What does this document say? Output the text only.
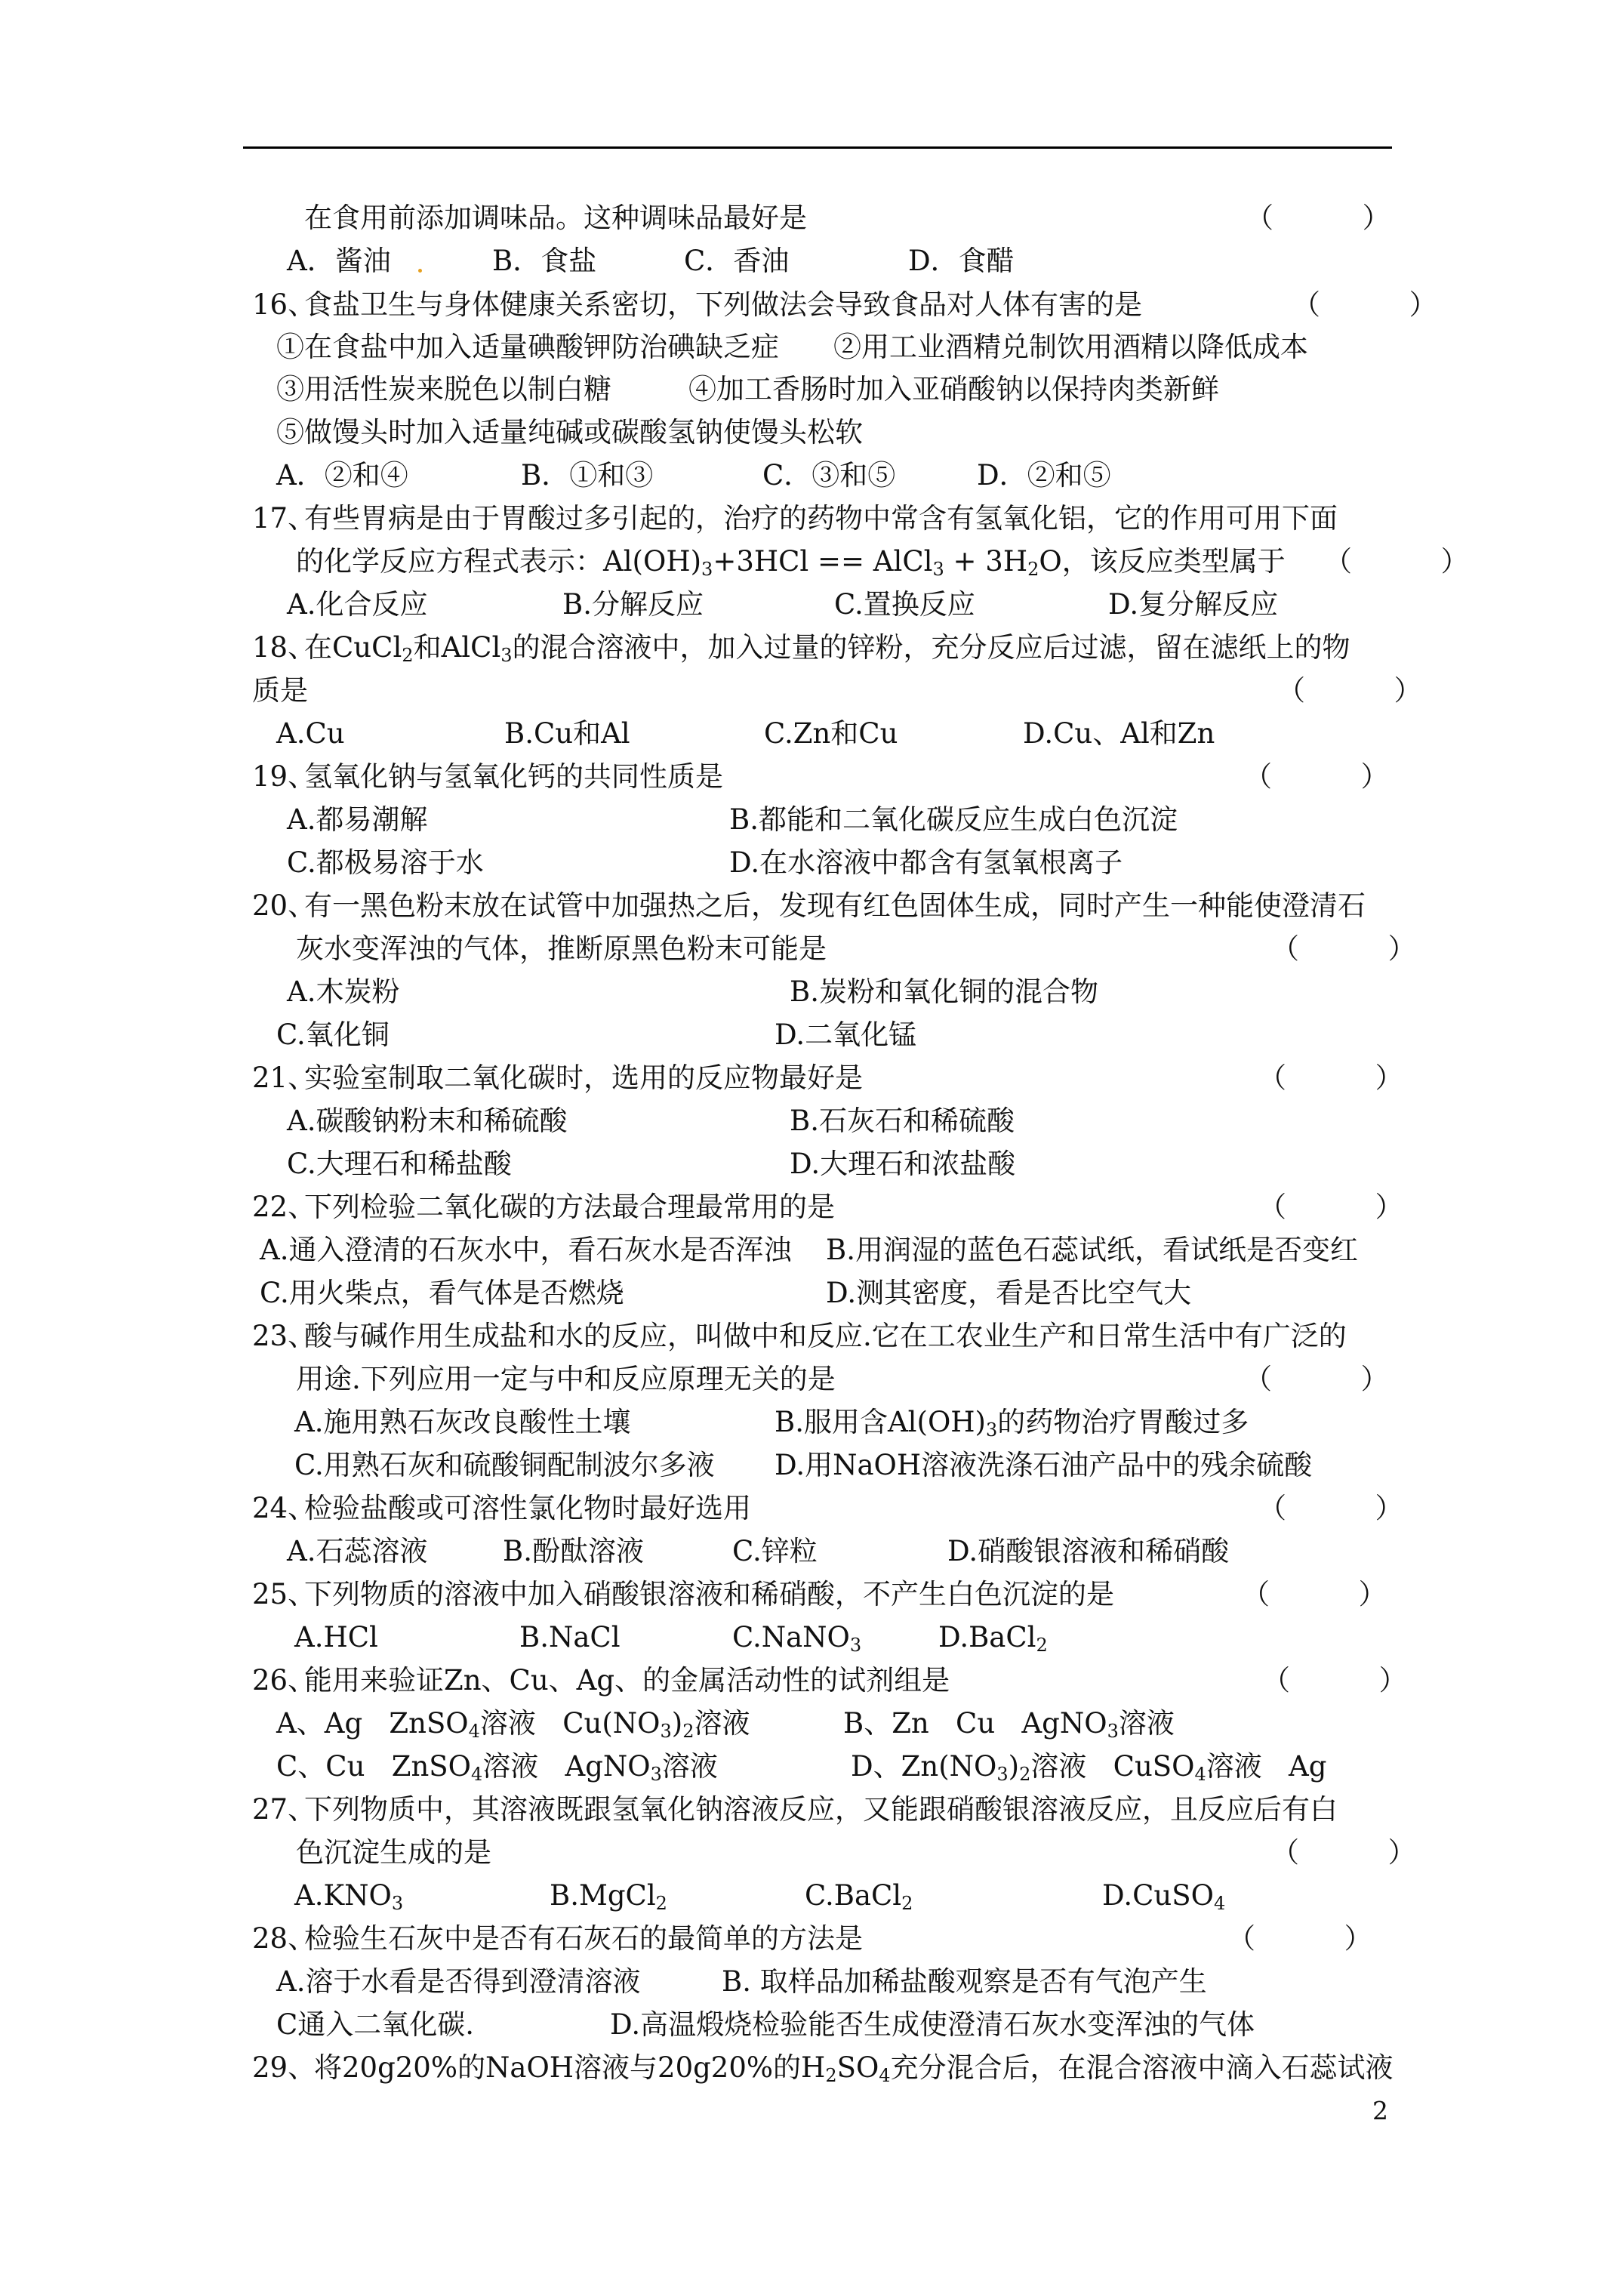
在食用前添加调味品。这种调味品最好是	（          ）
A．酱油	B．食盐	C．香油	D．食醋
16、
食盐卫生与身体健康关系密切，下列做法会导致食品对人体有害的是	（          ）
①在食盐中加入适量碘酸钾防治碘缺乏症 ②用工业酒精兑制饮用酒精以降低成本
③用活性炭来脱色以制白糖	④加工香肠时加入亚硝酸钠以保持肉类新鲜
⑤做馒头时加入适量纯碱或碳酸氢钠使馒头松软
A．②和④	B．①和③	C．③和⑤	D．②和⑤
17、
有些胃病是由于胃酸过多引起的，治疗的药物中常含有氢氧化铝，它的作用可用下面
的化学反应方程式表示：$Al(OH)_3+3HCl$ == AlCl$_3$ + $3H_2O$，该反应类型属于 （          ）
A.化合反应	B.分解反应	C.置换反应	D.复分解反应
18、
在CuCl$_2$和AlCl$_3$的混合溶液中，加入过量的锌粉，充分反应后过滤，留在滤纸上的物
质是	（          ）
A.Cu	B.Cu和Al	C.Zn和Cu	D.Cu、Al和Zn
19、
氢氧化钠与氢氧化钙的共同性质是	（          ）
A.都易潮解	B.都能和二氧化碳反应生成白色沉淀
C.都极易溶于水	D.在水溶液中都含有氢氧根离子
20、
有一黑色粉末放在试管中加强热之后，发现有红色固体生成，同时产生一种能使澄清石
灰水变浑浊的气体，推断原黑色粉末可能是	（          ）
A.木炭粉	B.炭粉和氧化铜的混合物
C.氧化铜	D.二氧化锰
21、
实验室制取二氧化碳时，选用的反应物最好是	（          ）
A.碳酸钠粉末和稀硫酸	B.石灰石和稀硫酸
C.大理石和稀盐酸	D.大理石和浓盐酸
22、
下列检验二氧化碳的方法最合理最常用的是	（          ）
A.通入澄清的石灰水中，看石灰水是否浑浊 B.用润湿的蓝色石蕊试纸，看试纸是否变红
C.用火柴点，看气体是否燃烧	D.测其密度，看是否比空气大
23、
酸与碱作用生成盐和水的反应，叫做中和反应.它在工农业生产和日常生活中有广泛的
用途.下列应用一定与中和反应原理无关的是	（          ）
A.施用熟石灰改良酸性土壤	B.服用含$Al(OH)_3$的药物治疗胃酸过多
C.用熟石灰和硫酸铜配制波尔多液 D.用NaOH溶液洗涤石油产品中的残余硫酸
24、
检验盐酸或可溶性氯化物时最好选用	（          ）
A.石蕊溶液	B.酚酞溶液	C.锌粒	D.硝酸银溶液和稀硝酸
25、
下列物质的溶液中加入硝酸银溶液和稀硝酸，不产生白色沉淀的是	（          ）
A.HCl	B.NaCl	C.NaNO$_3$	D.BaCl$_2$
26、
能用来验证Zn、Cu、Ag、的金属活动性的试剂组是	（          ）
A、Ag   ZnSO$_4$溶液   $Cu(NO_3)_2$溶液	B、Zn   Cu   AgNO$_3$溶液
C、Cu   ZnSO$_4$溶液   AgNO$_3$溶液	D、$Zn(NO_3)_2$溶液   CuSO$_4$溶液   Ag
27、
下列物质中，其溶液既跟氢氧化钠溶液反应，又能跟硝酸银溶液反应，且反应后有白
色沉淀生成的是	（          ）
$A.KNO_3$	B.MgCl$_2$	C.BaCl$_2$	D.CuSO$_4$
28、
检验生石灰中是否有石灰石的最简单的方法是	（          ）
A.溶于水看是否得到澄清溶液	B. 取样品加稀盐酸观察是否有气泡产生
C通入二氧化碳.	D.高温煅烧检验能否生成使澄清石灰水变浑浊的气体
29、
将20g20%的NaOH溶液与20g20%的$H_2SO_4$充分混合后，在混合溶液中滴入石蕊试液
2
